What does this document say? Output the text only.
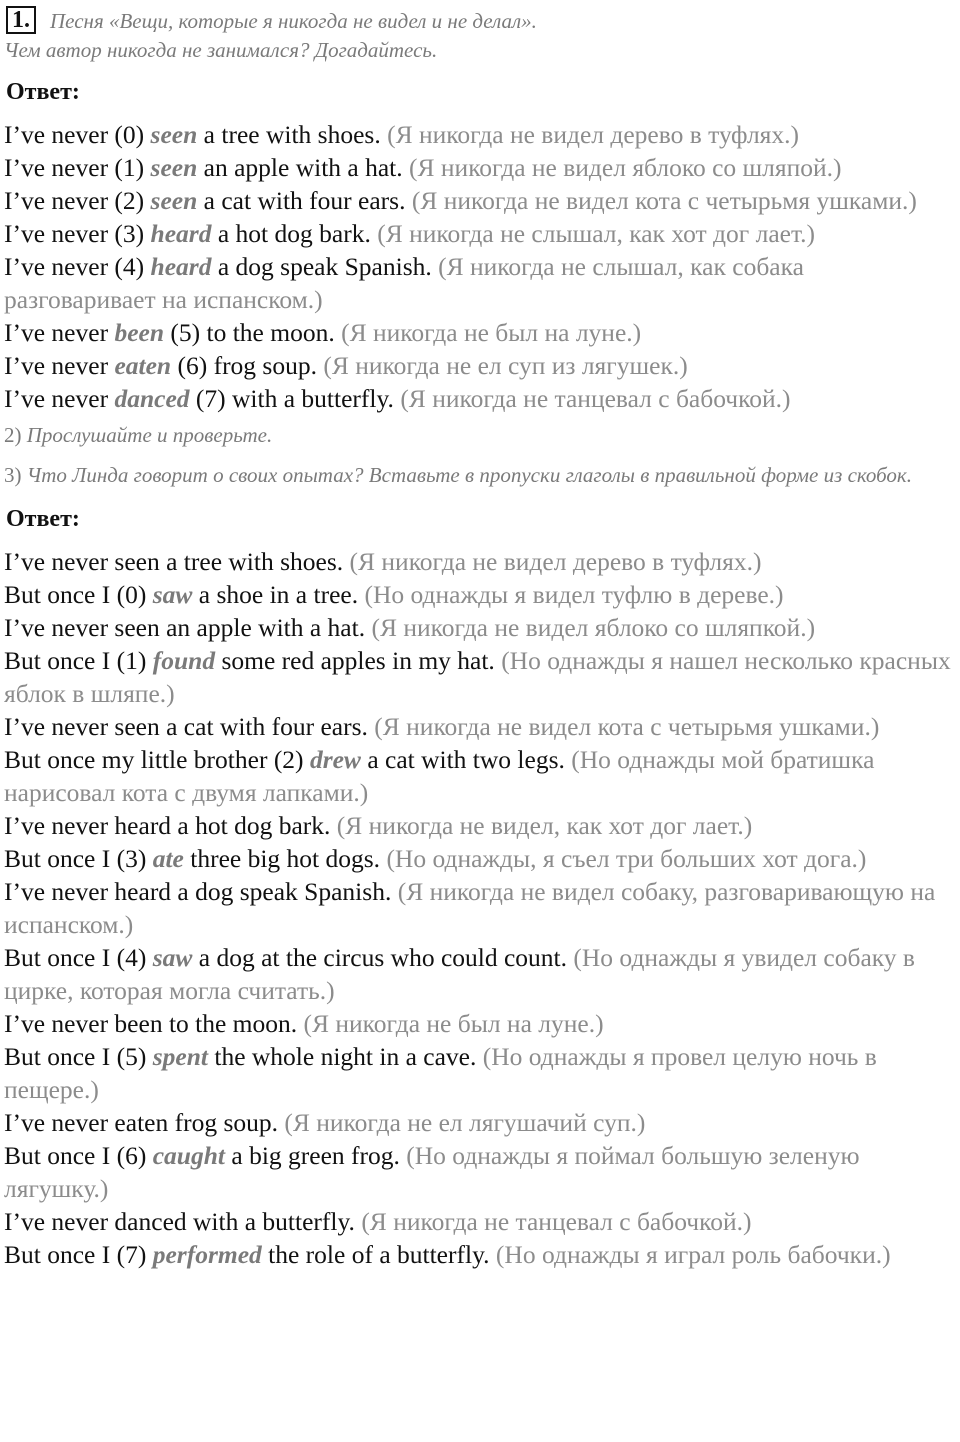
1. Песня «Вещи, которые я никогда не видел и не делал».
Чем автор никогда не занимался? Догадайтесь.
Ответ:

I’ve never (0) seen a tree with shoes. (Я никогда не видел дерево в туфлях.)

I’ve never (1) seen an apple with a hat. (Я никогда не видел яблоко со шляпой.)

I’ve never (2) seen a cat with four ears. (Я никогда не видел кота с четырьмя ушками.)

I’ve never (3) heard a hot dog bark. (Я никогда не слышал, как хот дог лает.)

I’ve never (4) heard a dog speak Spanish. (Я никогда не слышал, как собака разговаривает на испанском.)

I’ve never been (5) to the moon. (Я никогда не был на луне.)

I’ve never eaten (6) frog soup. (Я никогда не ел суп из лягушек.)

I’ve never danced (7) with a butterfly. (Я никогда не танцевал с бабочкой.)

2) Прослушайте и проверьте.

3) Что Линда говорит о своих опытах? Вставьте в пропуски глаголы в правильной форме из скобок.

Ответ:

I’ve never seen a tree with shoes. (Я никогда не видел дерево в туфлях.)

But once I (0) saw a shoe in a tree. (Но однажды я видел туфлю в дереве.)

I’ve never seen an apple with a hat. (Я никогда не видел яблоко со шляпкой.)

But once I (1) found some red apples in my hat. (Но однажды я нашел несколько красных яблок в шляпе.)

I’ve never seen a cat with four ears. (Я никогда не видел кота с четырьмя ушками.)

But once my little brother (2) drew a cat with two legs. (Но однажды мой братишка нарисовал кота с двумя лапками.)

I’ve never heard a hot dog bark. (Я никогда не видел, как хот дог лает.)

But once I (3) ate three big hot dogs. (Но однажды, я съел три больших хот дога.)

I’ve never heard a dog speak Spanish. (Я никогда не видел собаку, разговаривающую на испанском.)

But once I (4) saw a dog at the circus who could count. (Но однажды я увидел собаку в цирке, которая могла считать.)

I’ve never been to the moon. (Я никогда не был на луне.)

But once I (5) spent the whole night in a cave. (Но однажды я провел целую ночь в пещере.)

I’ve never eaten frog soup. (Я никогда не ел лягушачий суп.)

But once I (6) caught a big green frog. (Но однажды я поймал большую зеленую лягушку.)

I’ve never danced with a butterfly. (Я никогда не танцевал с бабочкой.)

But once I (7) performed the role of a butterfly. (Но однажды я играл роль бабочки.)
